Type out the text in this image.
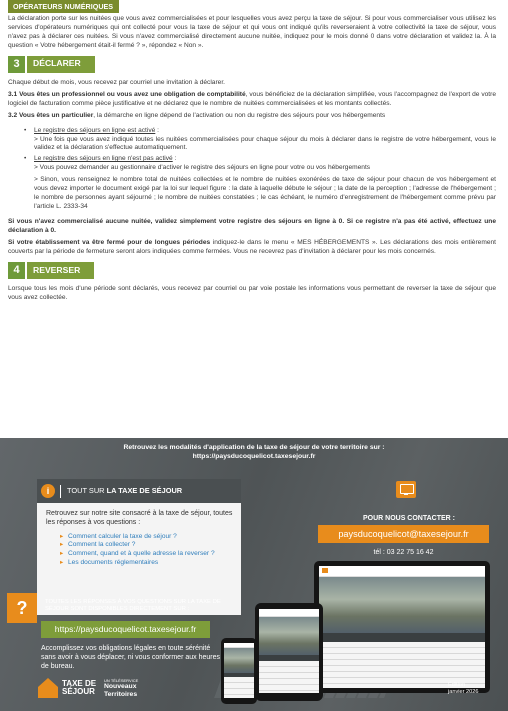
OPÉRATEURS NUMÉRIQUES

La déclaration porte sur les nuitées que vous avez commercialisées et pour lesquelles vous avez perçu la taxe de séjour. Si pour vous commercialiser vous utilisez les services d'opérateurs numériques qui ont collecté pour vous la taxe de séjour et qui vous ont indiqué qu'ils reverseraient à votre collectivité la taxe de séjour, vous n'avez pas à déclarer ces nuitées. Si vous n'avez commercialisé directement aucune nuitée, indiquez pour le mois donné 0 dans votre déclaration et validez la. À la question « Votre hébergement était-il fermé ? », répondez « Non ».

3	DÉCLARER

Chaque début de mois, vous recevez par courriel une invitation à déclarer.

3.1 Vous êtes un professionnel ou vous avez une obligation de comptabilité, vous bénéficiez de la déclaration simplifiée, vous l'accompagnez de l'export de votre logiciel de facturation comme pièce justificative et ne déclarez que le nombre de nuitées commercialisées et les montants collectés.

3.2 Vous êtes un particulier, la démarche en ligne dépend de l'activation ou non du registre des séjours pour vos hébergements

• Le registre des séjours en ligne est activé :
> Une fois que vous avez indiqué toutes les nuitées commercialisées pour chaque séjour du mois à déclarer dans le registre de votre hébergement, vous le validez et la déclaration s'effectue automatiquement.
• Le registre des séjours en ligne n'est pas activé :
> Vous pouvez demander au gestionnaire d'activer le registre des séjours en ligne pour votre ou vos hébergements
> Sinon, vous renseignez le nombre total de nuitées collectées et le nombre de nuitées exonérées de taxe de séjour pour chacun de vos hébergement et vous devez importer le document exigé par la loi sur lequel figure : la date à laquelle débute le séjour ; la date de la perception ; l'adresse de l'hébergement ; le nombre de personnes ayant séjourné ; le nombre de nuitées constatées ; le cas échéant, le numéro d'enregistrement de l'hébergement comme prévu par l'article L. 2333-34

Si vous n'avez commercialisé aucune nuitée, validez simplement votre registre des séjours en ligne à 0. Si ce registre n'a pas été activé, effectuez une déclaration à 0.

Si votre établissement va être fermé pour de longues périodes indiquez-le dans le menu « MES HÉBERGEMENTS ». Les déclarations des mois entièrement couverts par la période de fermeture seront alors indiquées comme fermées. Vous ne recevrez pas d'invitation à déclarer pour les mois concernés.

4	REVERSER

Lorsque tous les mois d'une période sont déclarés, vous recevez par courriel ou par voie postale les informations vous permettant de reverser la taxe de séjour que vous avez collectée.

Retrouvez les modalités d'application de la taxe de séjour de votre territoire sur :
https://paysducoquelicot.taxesejour.fr
i	TOUT SUR LA TAXE DE SÉJOUR
Retrouvez sur notre site consacré à la taxe de séjour, toutes les réponses à vos questions :
▸ Comment calculer la taxe de séjour ?
▸ Comment la collecter ?
▸ Comment, quand et à quelle adresse la reverser ?
▸ Les documents réglementaires
POUR NOUS CONTACTER :
paysducoquelicot@taxesejour.fr
tél : 03 22 75 16 42
?	TOUTES LES RÉPONSES À VOS QUESTIONS SUR LA TAXE DE SÉJOUR SONT DISPONIBLES DIRECTEMENT SUR :
https://paysducoquelicot.taxesejour.fr
Accomplissez vos obligations légales en toute sérénité sans avoir à vous déplacer, ni vous conformer aux heures de bureau.
TAXE DE
SÉJOUR
UN TÉLÉSERVICE
Nouveaux
Territoires
Édition
janvier 2026
